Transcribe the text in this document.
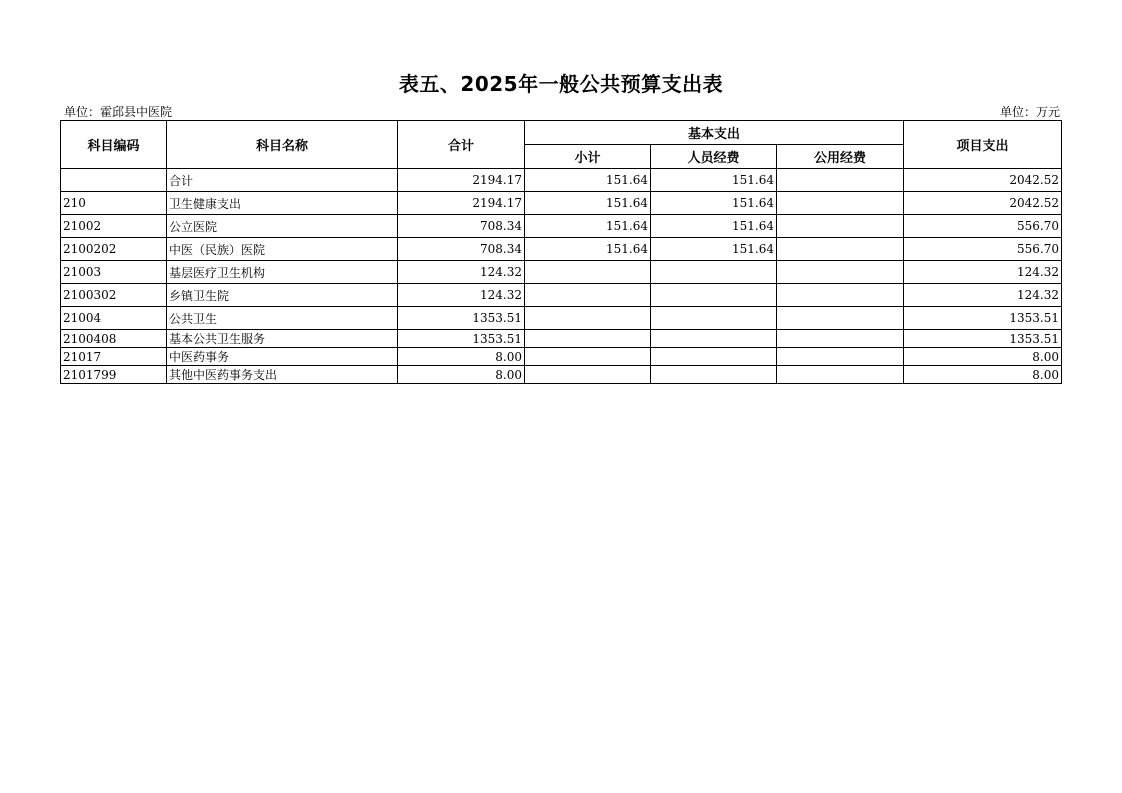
表五、2025年一般公共预算支出表
单位：霍邱县中医院	单位：万元
科目编码	科目名称	合计	基本支出			项目支出
			小计	人员经费	公用经费	
	合计	2194.17	151.64	151.64		2042.52
210	卫生健康支出	2194.17	151.64	151.64		2042.52
21002	公立医院	708.34	151.64	151.64		556.70
2100202	中医（民族）医院	708.34	151.64	151.64		556.70
21003	基层医疗卫生机构	124.32				124.32
2100302	乡镇卫生院	124.32				124.32
21004	公共卫生	1353.51				1353.51
2100408	基本公共卫生服务	1353.51				1353.51
21017	中医药事务	8.00				8.00
2101799	其他中医药事务支出	8.00				8.00
